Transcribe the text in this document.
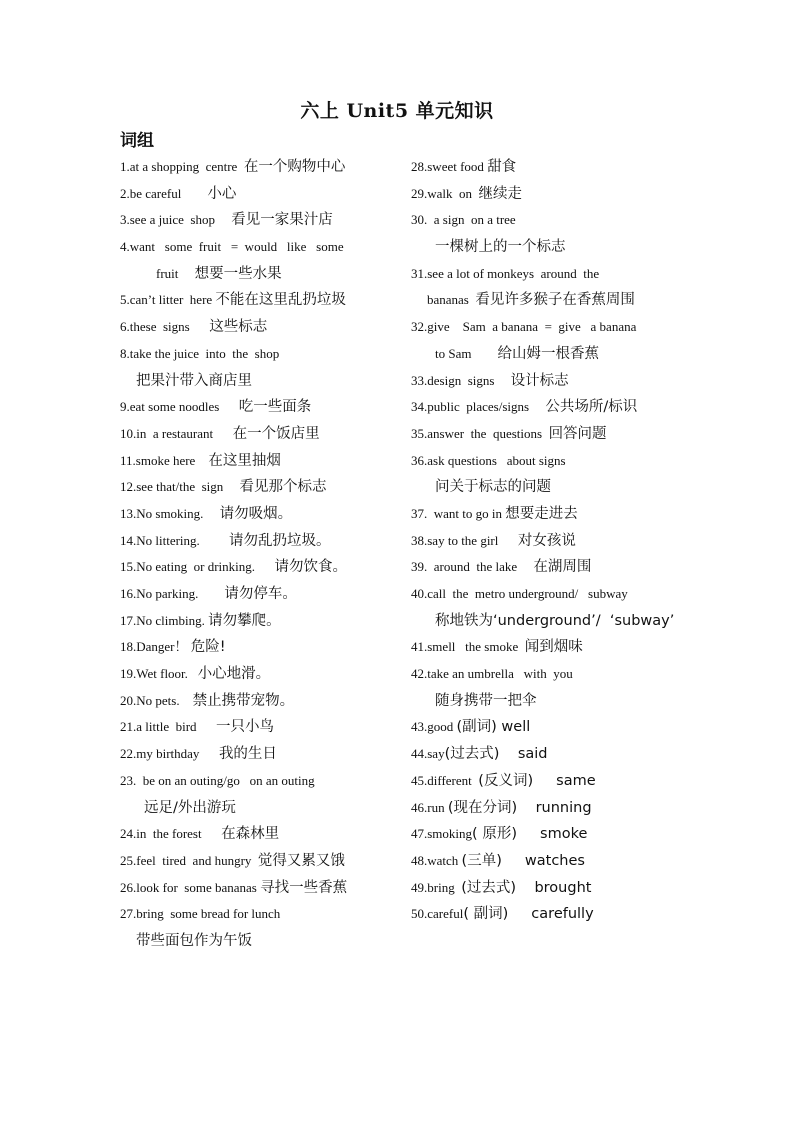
六上 Unit5 单元知识
词组
1.at a shopping  centre  在一个购物中心
2.be careful        小心
3.see a juice  shop     看见一家果汁店
4.want   some  fruit   =  would   like   some
fruit     想要一些水果
5.can’t litter  here 不能在这里乱扔垃圾
6.these  signs      这些标志
8.take the juice  into  the  shop
把果汁带入商店里
9.eat some noodles      吃一些面条
10.in  a restaurant      在一个饭店里
11.smoke here    在这里抽烟
12.see that/the  sign     看见那个标志
13.No smoking.     请勿吸烟。
14.No littering.         请勿乱扔垃圾。
15.No eating  or drinking.      请勿饮食。
16.No parking.        请勿停车。
17.No climbing. 请勿攀爬。
18.Danger！ 危险!
19.Wet floor.   小心地滑。
20.No pets.    禁止携带宠物。
21.a little  bird      一只小鸟
22.my birthday      我的生日
23.  be on an outing/go   on an outing
远足/外出游玩
24.in  the forest      在森林里
25.feel  tired  and hungry  觉得又累又饿
26.look for  some bananas 寻找一些香蕉
27.bring  some bread for lunch
带些面包作为午饭
28.sweet food 甜食
29.walk  on  继续走
30.  a sign  on a tree
一棵树上的一个标志
31.see a lot of monkeys  around  the
bananas  看见许多猴子在香蕉周围
32.give    Sam  a banana  =  give   a banana
to Sam        给山姆一根香蕉
33.design  signs     设计标志
34.public  places/signs     公共场所/标识
35.answer  the  questions  回答问题
36.ask questions   about signs
问关于标志的问题
37.  want to go in 想要走进去
38.say to the girl      对女孩说
39.  around  the lake     在湖周围
40.call  the  metro underground/   subway
称地铁为‘underground’/  ‘subway’
41.smell   the smoke  闻到烟味
42.take an umbrella   with  you
随身携带一把伞
43.good (副词) well
44.say(过去式)    said
45.different  (反义词)     same
46.run (现在分词)    running
47.smoking( 原形)     smoke
48.watch (三单)     watches
49.bring  (过去式)    brought
50.careful( 副词)     carefully
